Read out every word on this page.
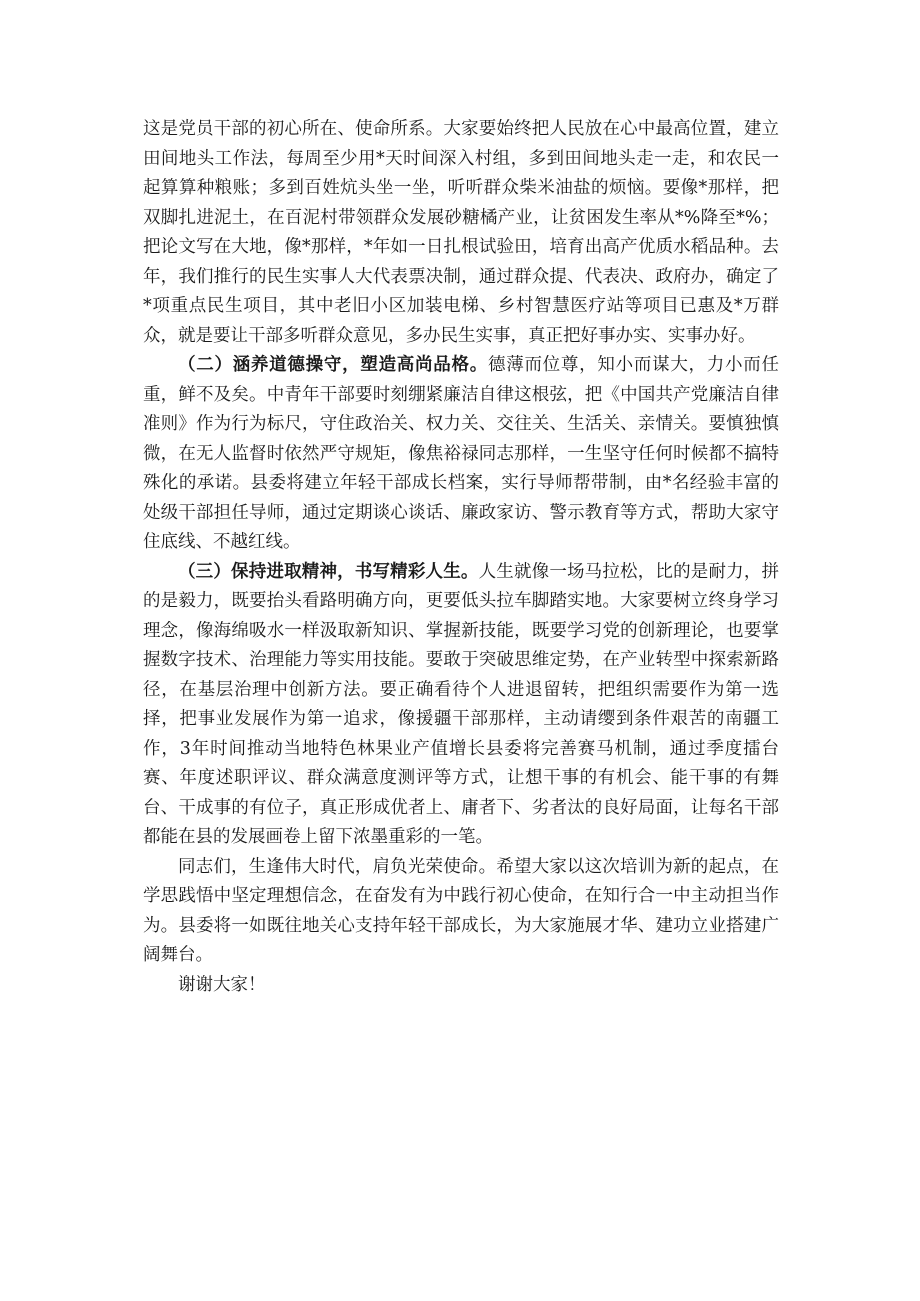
这是党员干部的初心所在、使命所系。大家要始终把人民放在心中最高位置，建立田间地头工作法，每周至少用*天时间深入村组，多到田间地头走一走，和农民一起算算种粮账；多到百姓炕头坐一坐，听听群众柴米油盐的烦恼。要像*那样，把双脚扎进泥土，在百泥村带领群众发展砂糖橘产业，让贫困发生率从*%降至*%；把论文写在大地，像*那样，*年如一日扎根试验田，培育出高产优质水稻品种。去年，我们推行的民生实事人大代表票决制，通过群众提、代表决、政府办，确定了*项重点民生项目，其中老旧小区加装电梯、乡村智慧医疗站等项目已惠及*万群众，就是要让干部多听群众意见，多办民生实事，真正把好事办实、实事办好。

（二）涵养道德操守，塑造高尚品格。德薄而位尊，知小而谋大，力小而任重，鲜不及矣。中青年干部要时刻绷紧廉洁自律这根弦，把《中国共产党廉洁自律准则》作为行为标尺，守住政治关、权力关、交往关、生活关、亲情关。要慎独慎微，在无人监督时依然严守规矩，像焦裕禄同志那样，一生坚守任何时候都不搞特殊化的承诺。县委将建立年轻干部成长档案，实行导师帮带制，由*名经验丰富的处级干部担任导师，通过定期谈心谈话、廉政家访、警示教育等方式，帮助大家守住底线、不越红线。

（三）保持进取精神，书写精彩人生。人生就像一场马拉松，比的是耐力，拼的是毅力，既要抬头看路明确方向，更要低头拉车脚踏实地。大家要树立终身学习理念，像海绵吸水一样汲取新知识、掌握新技能，既要学习党的创新理论，也要掌握数字技术、治理能力等实用技能。要敢于突破思维定势，在产业转型中探索新路径，在基层治理中创新方法。要正确看待个人进退留转，把组织需要作为第一选择，把事业发展作为第一追求，像援疆干部那样，主动请缨到条件艰苦的南疆工作，3年时间推动当地特色林果业产值增长县委将完善赛马机制，通过季度擂台赛、年度述职评议、群众满意度测评等方式，让想干事的有机会、能干事的有舞台、干成事的有位子，真正形成优者上、庸者下、劣者汰的良好局面，让每名干部都能在县的发展画卷上留下浓墨重彩的一笔。

同志们，生逢伟大时代，肩负光荣使命。希望大家以这次培训为新的起点，在学思践悟中坚定理想信念，在奋发有为中践行初心使命，在知行合一中主动担当作为。县委将一如既往地关心支持年轻干部成长，为大家施展才华、建功立业搭建广阔舞台。

谢谢大家！
